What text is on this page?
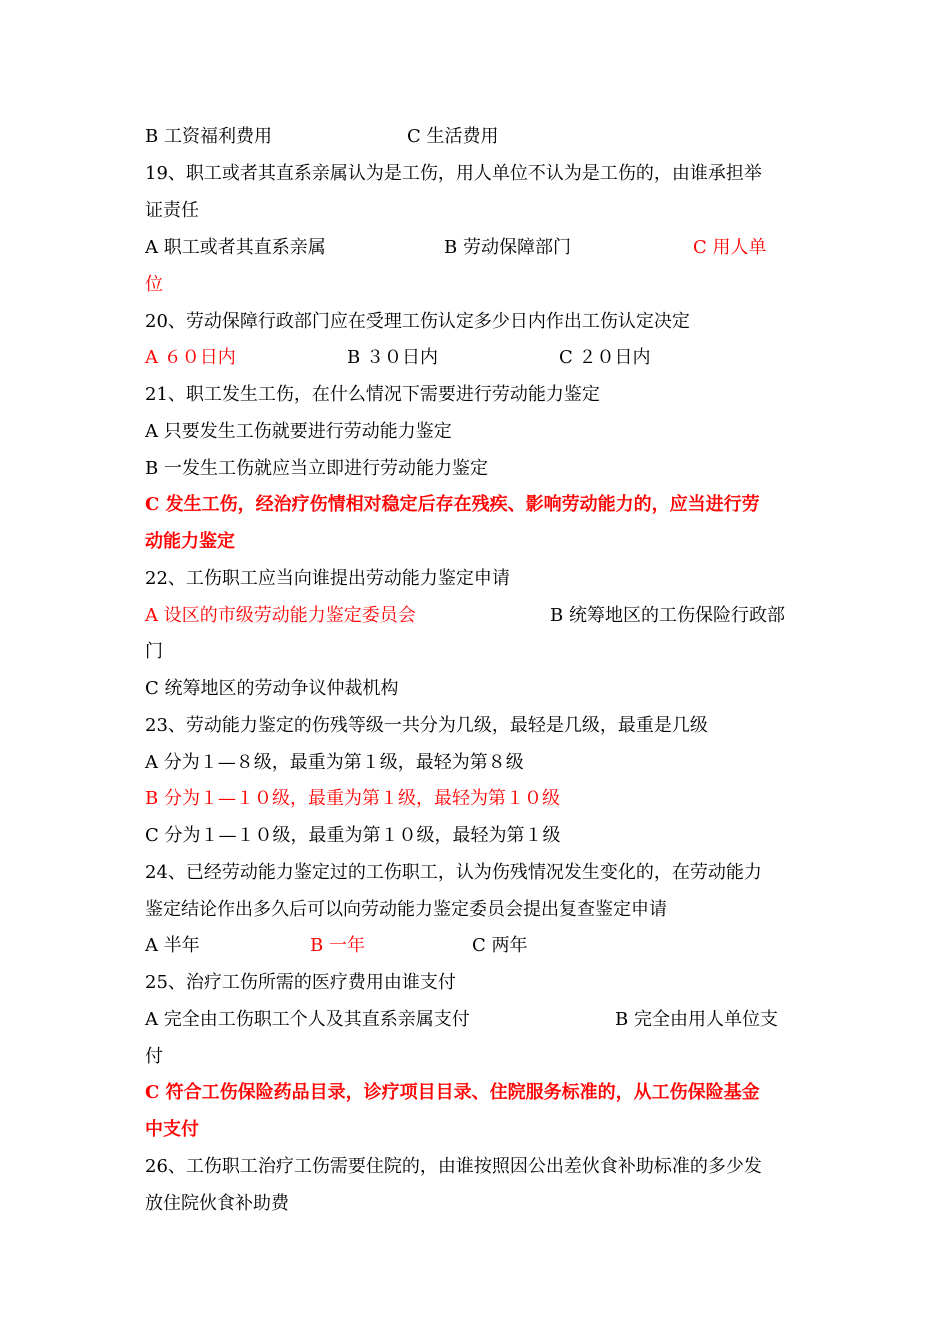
B 工资福利费用	C 生活费用
19、职工或者其直系亲属认为是工伤，用人单位不认为是工伤的，由谁承担举
证责任
A 职工或者其直系亲属	B 劳动保障部门	C 用人单
位
20、劳动保障行政部门应在受理工伤认定多少日内作出工伤认定决定
A ６０日内	B ３０日内	C ２０日内
21、职工发生工伤，在什么情况下需要进行劳动能力鉴定
A 只要发生工伤就要进行劳动能力鉴定
B 一发生工伤就应当立即进行劳动能力鉴定
C 发生工伤，经治疗伤情相对稳定后存在残疾、影响劳动能力的，应当进行劳
动能力鉴定
22、工伤职工应当向谁提出劳动能力鉴定申请
A 设区的市级劳动能力鉴定委员会	B 统筹地区的工伤保险行政部
门
C 统筹地区的劳动争议仲裁机构
23、劳动能力鉴定的伤残等级一共分为几级，最轻是几级，最重是几级
A 分为１—８级，最重为第１级，最轻为第８级
B 分为１—１０级，最重为第１级，最轻为第１０级
C 分为１—１０级，最重为第１０级，最轻为第１级
24、已经劳动能力鉴定过的工伤职工，认为伤残情况发生变化的，在劳动能力
鉴定结论作出多久后可以向劳动能力鉴定委员会提出复查鉴定申请
A 半年	B 一年	C 两年
25、治疗工伤所需的医疗费用由谁支付
A 完全由工伤职工个人及其直系亲属支付	B 完全由用人单位支
付
C 符合工伤保险药品目录，诊疗项目目录、住院服务标准的，从工伤保险基金
中支付
26、工伤职工治疗工伤需要住院的，由谁按照因公出差伙食补助标准的多少发
放住院伙食补助费
